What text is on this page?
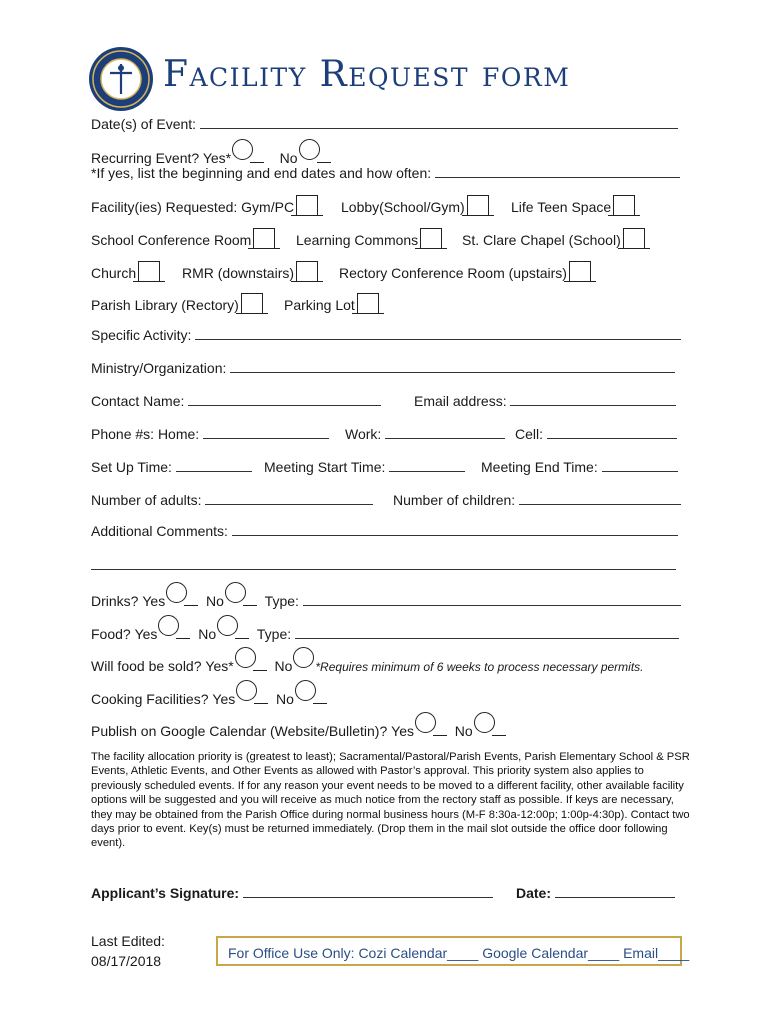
Facility Request form
Date(s) of Event:
Recurring Event? Yes*	No
*If yes, list the beginning and end dates and how often:
Facility(ies) Requested: Gym/PC	Lobby(School/Gym)	Life Teen Space
School Conference Room	Learning Commons	St. Clare Chapel (School)
Church	RMR (downstairs)	Rectory Conference Room (upstairs)
Parish Library (Rectory)	Parking Lot
Specific Activity:
Ministry/Organization:
Contact Name:	Email address:
Phone #s: Home:	Work:	Cell:
Set Up Time:	Meeting Start Time:	Meeting End Time:
Number of adults:	Number of children:
Additional Comments:
Drinks? Yes	No	Type:
Food? Yes	No	Type:
Will food be sold? Yes*	No *Requires minimum of 6 weeks to process necessary permits.
Cooking Facilities? Yes	No
Publish on Google Calendar (Website/Bulletin)? Yes	No
The facility allocation priority is (greatest to least); Sacramental/Pastoral/Parish Events, Parish Elementary School & PSR Events, Athletic Events, and Other Events as allowed with Pastor’s approval. This priority system also applies to previously scheduled events. If for any reason your event needs to be moved to a different facility, other available facility options will be suggested and you will receive as much notice from the rectory staff as possible. If keys are necessary, they may be obtained from the Parish Office during normal business hours (M-F 8:30a-12:00p; 1:00p-4:30p). Contact two days prior to event. Key(s) must be returned immediately. (Drop them in the mail slot outside the office door following event).
Applicant’s Signature:	Date:
Last Edited:
08/17/2018	For Office Use Only: Cozi Calendar____ Google Calendar____ Email____
